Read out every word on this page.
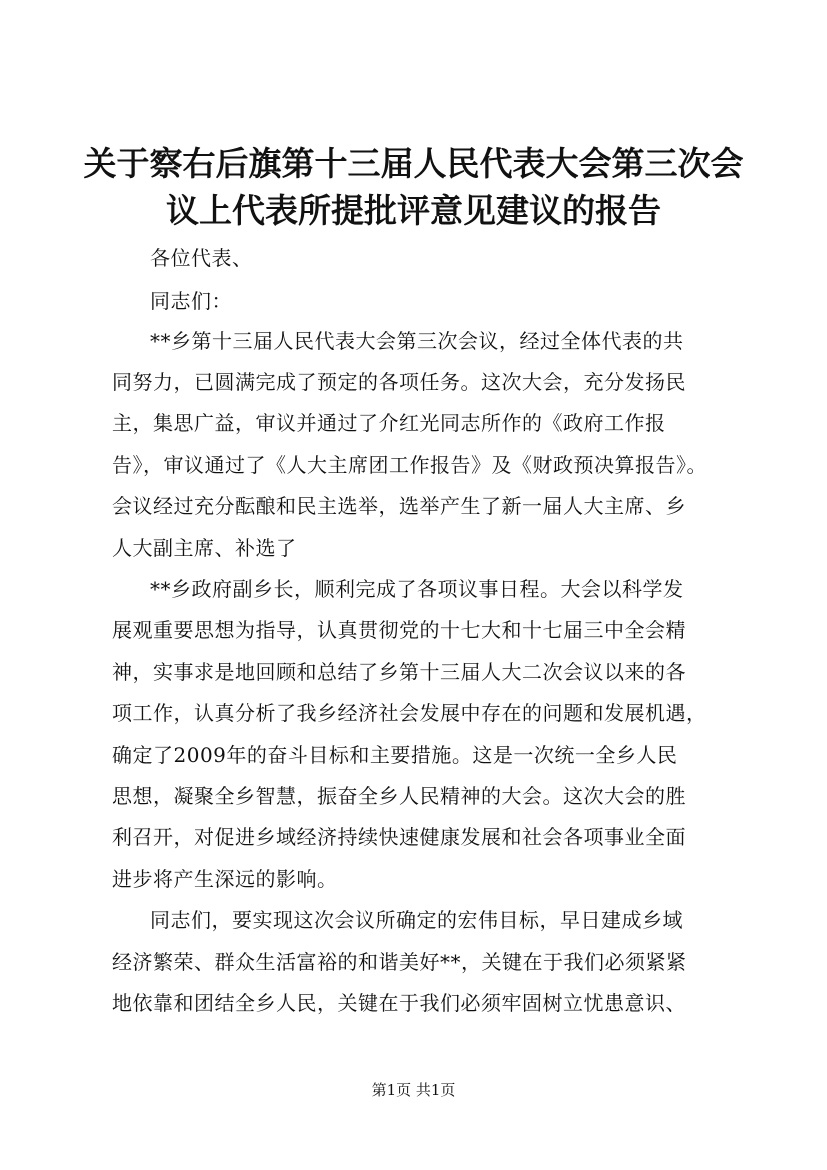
关于察右后旗第十三届人民代表大会第三次会
议上代表所提批评意见建议的报告
各位代表、
同志们：
**乡第十三届人民代表大会第三次会议，经过全体代表的共
同努力，已圆满完成了预定的各项任务。这次大会，充分发扬民
主，集思广益，审议并通过了介红光同志所作的《政府工作报
告》，审议通过了《人大主席团工作报告》及《财政预决算报告》。
会议经过充分酝酿和民主选举，选举产生了新一届人大主席、乡
人大副主席、补选了
**乡政府副乡长，顺利完成了各项议事日程。大会以科学发
展观重要思想为指导，认真贯彻党的十七大和十七届三中全会精
神，实事求是地回顾和总结了乡第十三届人大二次会议以来的各
项工作，认真分析了我乡经济社会发展中存在的问题和发展机遇，
确定了2009年的奋斗目标和主要措施。这是一次统一全乡人民
思想，凝聚全乡智慧，振奋全乡人民精神的大会。这次大会的胜
利召开，对促进乡域经济持续快速健康发展和社会各项事业全面
进步将产生深远的影响。
同志们，要实现这次会议所确定的宏伟目标，早日建成乡域
经济繁荣、群众生活富裕的和谐美好**，关键在于我们必须紧紧
地依靠和团结全乡人民，关键在于我们必须牢固树立忧患意识、
第1页 共1页
